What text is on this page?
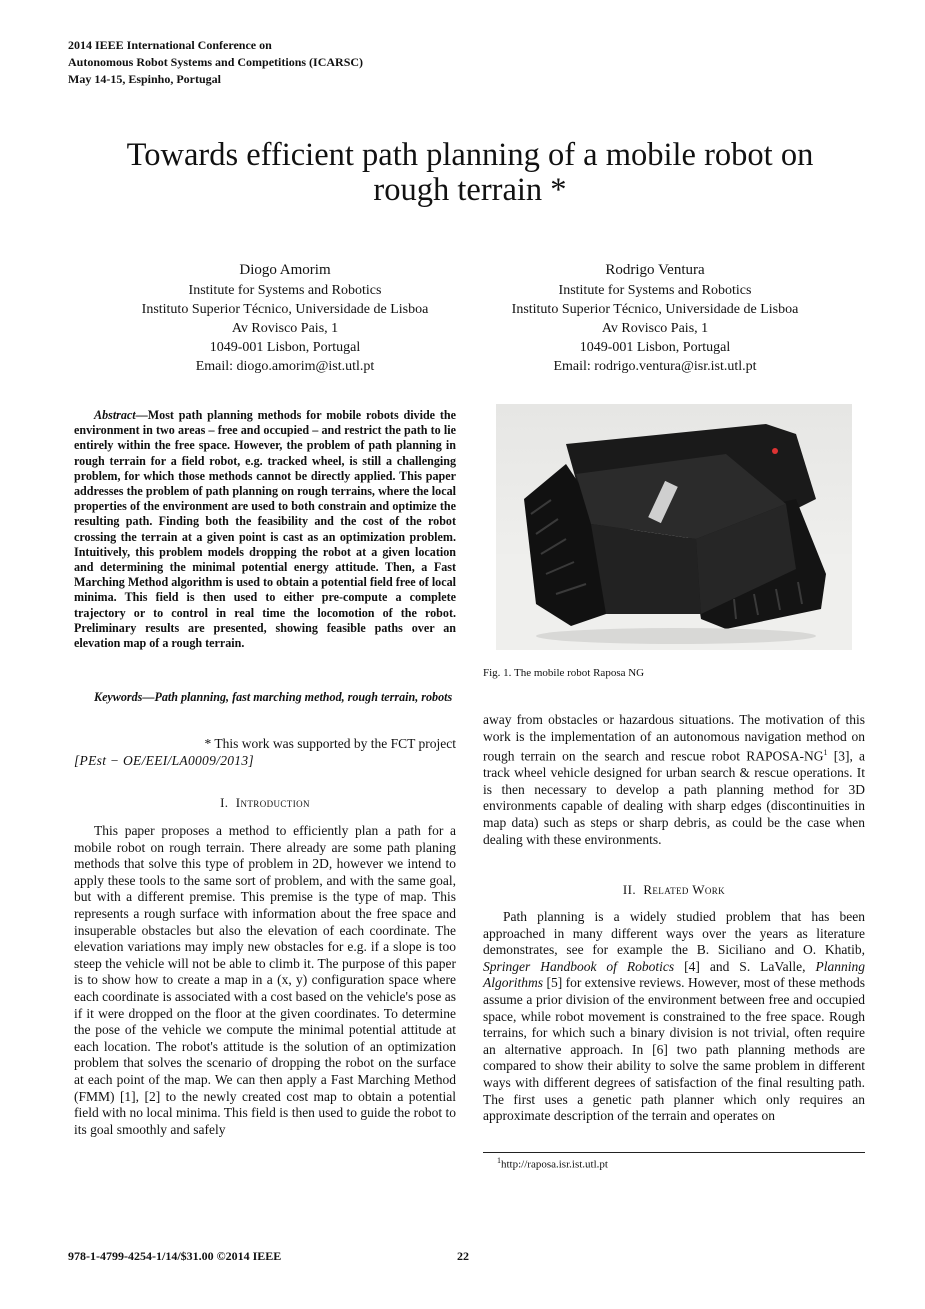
2014 IEEE International Conference on
Autonomous Robot Systems and Competitions (ICARSC)
May 14-15, Espinho, Portugal
Towards efficient path planning of a mobile robot on
rough terrain *
Diogo Amorim
Institute for Systems and Robotics
Instituto Superior Técnico, Universidade de Lisboa
Av Rovisco Pais, 1
1049-001 Lisbon, Portugal
Email: diogo.amorim@ist.utl.pt
Rodrigo Ventura
Institute for Systems and Robotics
Instituto Superior Técnico, Universidade de Lisboa
Av Rovisco Pais, 1
1049-001 Lisbon, Portugal
Email: rodrigo.ventura@isr.ist.utl.pt
Abstract—Most path planning methods for mobile robots divide the environment in two areas – free and occupied – and restrict the path to lie entirely within the free space. However, the problem of path planning in rough terrain for a field robot, e.g. tracked wheel, is still a challenging problem, for which those methods cannot be directly applied. This paper addresses the problem of path planning on rough terrains, where the local properties of the environment are used to both constrain and optimize the resulting path. Finding both the feasibility and the cost of the robot crossing the terrain at a given point is cast as an optimization problem. Intuitively, this problem models dropping the robot at a given location and determining the minimal potential energy attitude. Then, a Fast Marching Method algorithm is used to obtain a potential field free of local minima. This field is then used to either pre-compute a complete trajectory or to control in real time the locomotion of the robot. Preliminary results are presented, showing feasible paths over an elevation map of a rough terrain.
Keywords—Path planning, fast marching method, rough terrain, robots
* This work was supported by the FCT project
[PEst − OE/EEI/LA0009/2013]
I. Introduction
This paper proposes a method to efficiently plan a path for a mobile robot on rough terrain. There already are some path planing methods that solve this type of problem in 2D, however we intend to apply these tools to the same sort of problem, and with the same goal, but with a different premise. This premise is the type of map. This represents a rough surface with information about the free space and insuperable obstacles but also the elevation of each coordinate. The elevation variations may imply new obstacles for e.g. if a slope is too steep the vehicle will not be able to climb it. The purpose of this paper is to show how to create a map in a (x, y) configuration space where each coordinate is associated with a cost based on the vehicle's pose as if it were dropped on the floor at the given coordinates. To determine the pose of the vehicle we compute the minimal potential attitude at each location. The robot's attitude is the solution of an optimization problem that solves the scenario of dropping the robot on the surface at each point of the map. We can then apply a Fast Marching Method (FMM) [1], [2] to the newly created cost map to obtain a potential field with no local minima. This field is then used to guide the robot to its goal smoothly and safely
Fig. 1. The mobile robot Raposa NG
away from obstacles or hazardous situations. The motivation of this work is the implementation of an autonomous navigation method on rough terrain on the search and rescue robot RAPOSA-$NG^1$ [3], a track wheel vehicle designed for urban search & rescue operations. It is then necessary to develop a path planning method for 3D environments capable of dealing with sharp edges (discontinuities in map data) such as steps or sharp debris, as could be the case when dealing with these environments.
II. Related Work
Path planning is a widely studied problem that has been approached in many different ways over the years as literature demonstrates, see for example the B. Siciliano and O. Khatib, Springer Handbook of Robotics [4] and S. LaValle, Planning Algorithms [5] for extensive reviews. However, most of these methods assume a prior division of the environment between free and occupied space, while robot movement is constrained to the free space. Rough terrains, for which such a binary division is not trivial, often require an alternative approach. In [6] two path planning methods are compared to show their ability to solve the same problem in different ways with different degrees of satisfaction of the final resulting path. The first uses a genetic path planner which only requires an approximate description of the terrain and operates on
$^1$http://raposa.isr.ist.utl.pt
978-1-4799-4254-1/14/$31.00 ©2014 IEEE	22
